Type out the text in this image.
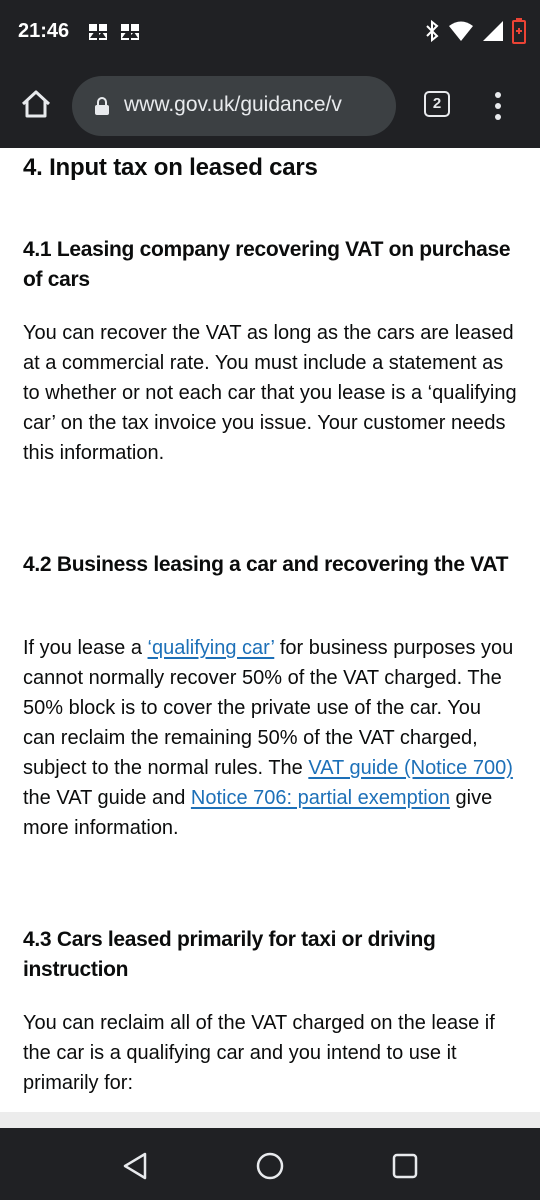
21:46
www.gov.uk/guidance/v	2
4. Input tax on leased cars
4.1 Leasing company recovering VAT on purchase of cars
You can recover the VAT as long as the cars are leased at a commercial rate. You must include a statement as to whether or not each car that you lease is a ‘qualifying car’ on the tax invoice you issue. Your customer needs this information.
4.2 Business leasing a car and recovering the VAT
If you lease a ‘qualifying car’ for business purposes you cannot normally recover 50% of the VAT charged. The 50% block is to cover the private use of the car. You can reclaim the remaining 50% of the VAT charged, subject to the normal rules. The VAT guide (Notice 700) the VAT guide and Notice 706: partial exemption give more information.
4.3 Cars leased primarily for taxi or driving instruction
You can reclaim all of the VAT charged on the lease if the car is a qualifying car and you intend to use it primarily for:
